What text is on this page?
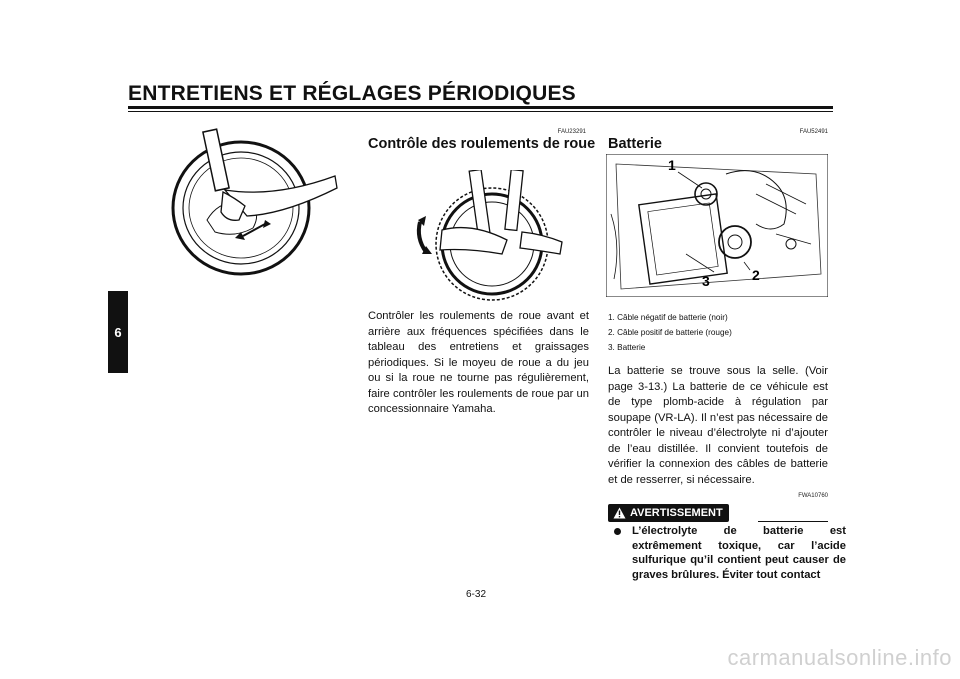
ENTRETIENS ET RÉGLAGES PÉRIODIQUES
6
FAU23291
Contrôle des roulements de roue
Contrôler les roulements de roue avant et arrière aux fréquences spécifiées dans le tableau des entretiens et graissages périodiques. Si le moyeu de roue a du jeu ou si la roue ne tourne pas régulièrement, faire contrôler les roulements de roue par un concessionnaire Yamaha.
FAU52491
Batterie
1
2
3
1. Câble négatif de batterie (noir)
2. Câble positif de batterie (rouge)
3. Batterie
La batterie se trouve sous la selle. (Voir page 3-13.) La batterie de ce véhicule est de type plomb-acide à régulation par soupape (VR-LA). Il n’est pas nécessaire de contrôler le niveau d’électrolyte ni d’ajouter de l’eau distillée. Il convient toutefois de vérifier la connexion des câbles de batterie et de resserrer, si nécessaire.
FWA10760
AVERTISSEMENT
L’électrolyte de batterie est extrêmement toxique, car l’acide sulfurique qu’il contient peut causer de graves brûlures. Éviter tout contact
6-32
carmanualsonline.info
